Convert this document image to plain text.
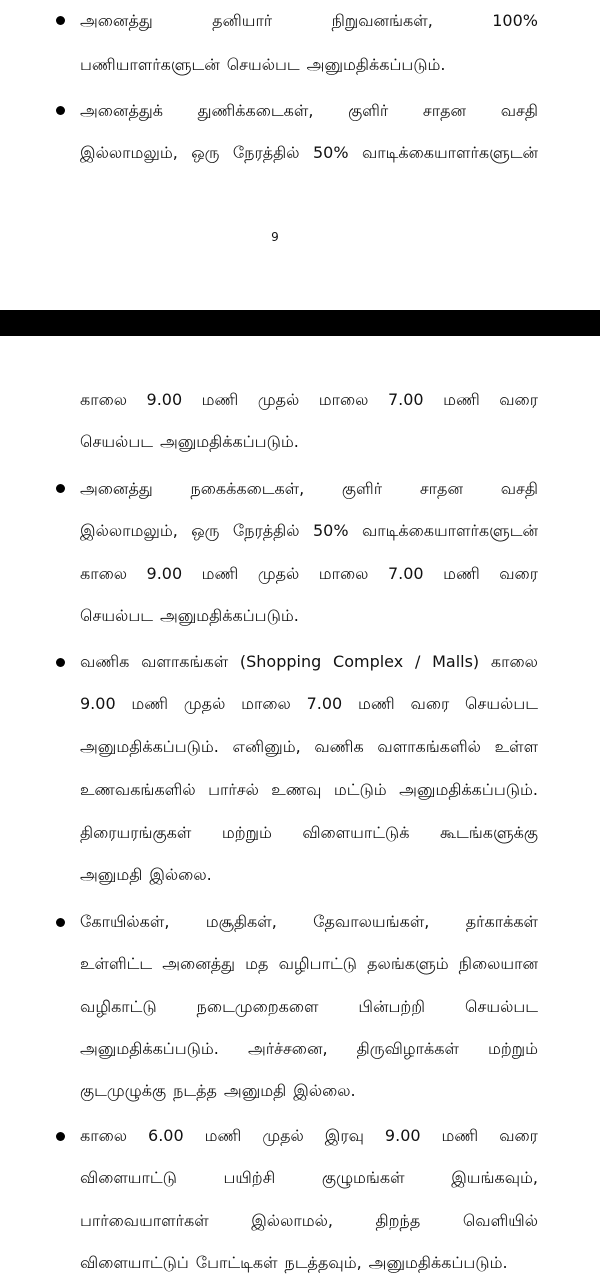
அனைத்து	தனியார்	நிறுவனங்கள்,	100%
பணியாளர்களுடன் செயல்பட அனுமதிக்கப்படும்.
அனைத்துக் துணிக்கடைகள், குளிர் சாதன வசதி
இல்லாமலும், ஒரு நேரத்தில் 50% வாடிக்கையாளர்களுடன்
9
காலை 9.00 மணி முதல் மாலை 7.00 மணி வரை
செயல்பட அனுமதிக்கப்படும்.
அனைத்து நகைக்கடைகள், குளிர் சாதன வசதி
இல்லாமலும், ஒரு நேரத்தில் 50% வாடிக்கையாளர்களுடன்
காலை 9.00 மணி முதல் மாலை 7.00 மணி வரை
செயல்பட அனுமதிக்கப்படும்.
வணிக வளாகங்கள் (Shopping Complex / Malls) காலை
9.00 மணி முதல் மாலை 7.00 மணி வரை செயல்பட
அனுமதிக்கப்படும். எனினும், வணிக வளாகங்களில் உள்ள
உணவகங்களில் பார்சல் உணவு மட்டும் அனுமதிக்கப்படும்.
திரையரங்குகள் மற்றும் விளையாட்டுக் கூடங்களுக்கு
அனுமதி இல்லை.
கோயில்கள், மசூதிகள், தேவாலயங்கள், தர்காக்கள்
உள்ளிட்ட அனைத்து மத வழிபாட்டு தலங்களும் நிலையான
வழிகாட்டு நடைமுறைகளை பின்பற்றி செயல்பட
அனுமதிக்கப்படும். அர்ச்சனை, திருவிழாக்கள் மற்றும்
குடமுழுக்கு நடத்த அனுமதி இல்லை.
காலை 6.00 மணி முதல் இரவு 9.00 மணி வரை
விளையாட்டு	பயிற்சி	குழுமங்கள்	இயங்கவும்,
பார்வையாளர்கள்	இல்லாமல்,	திறந்த	வெளியில்
விளையாட்டுப் போட்டிகள் நடத்தவும், அனுமதிக்கப்படும்.
